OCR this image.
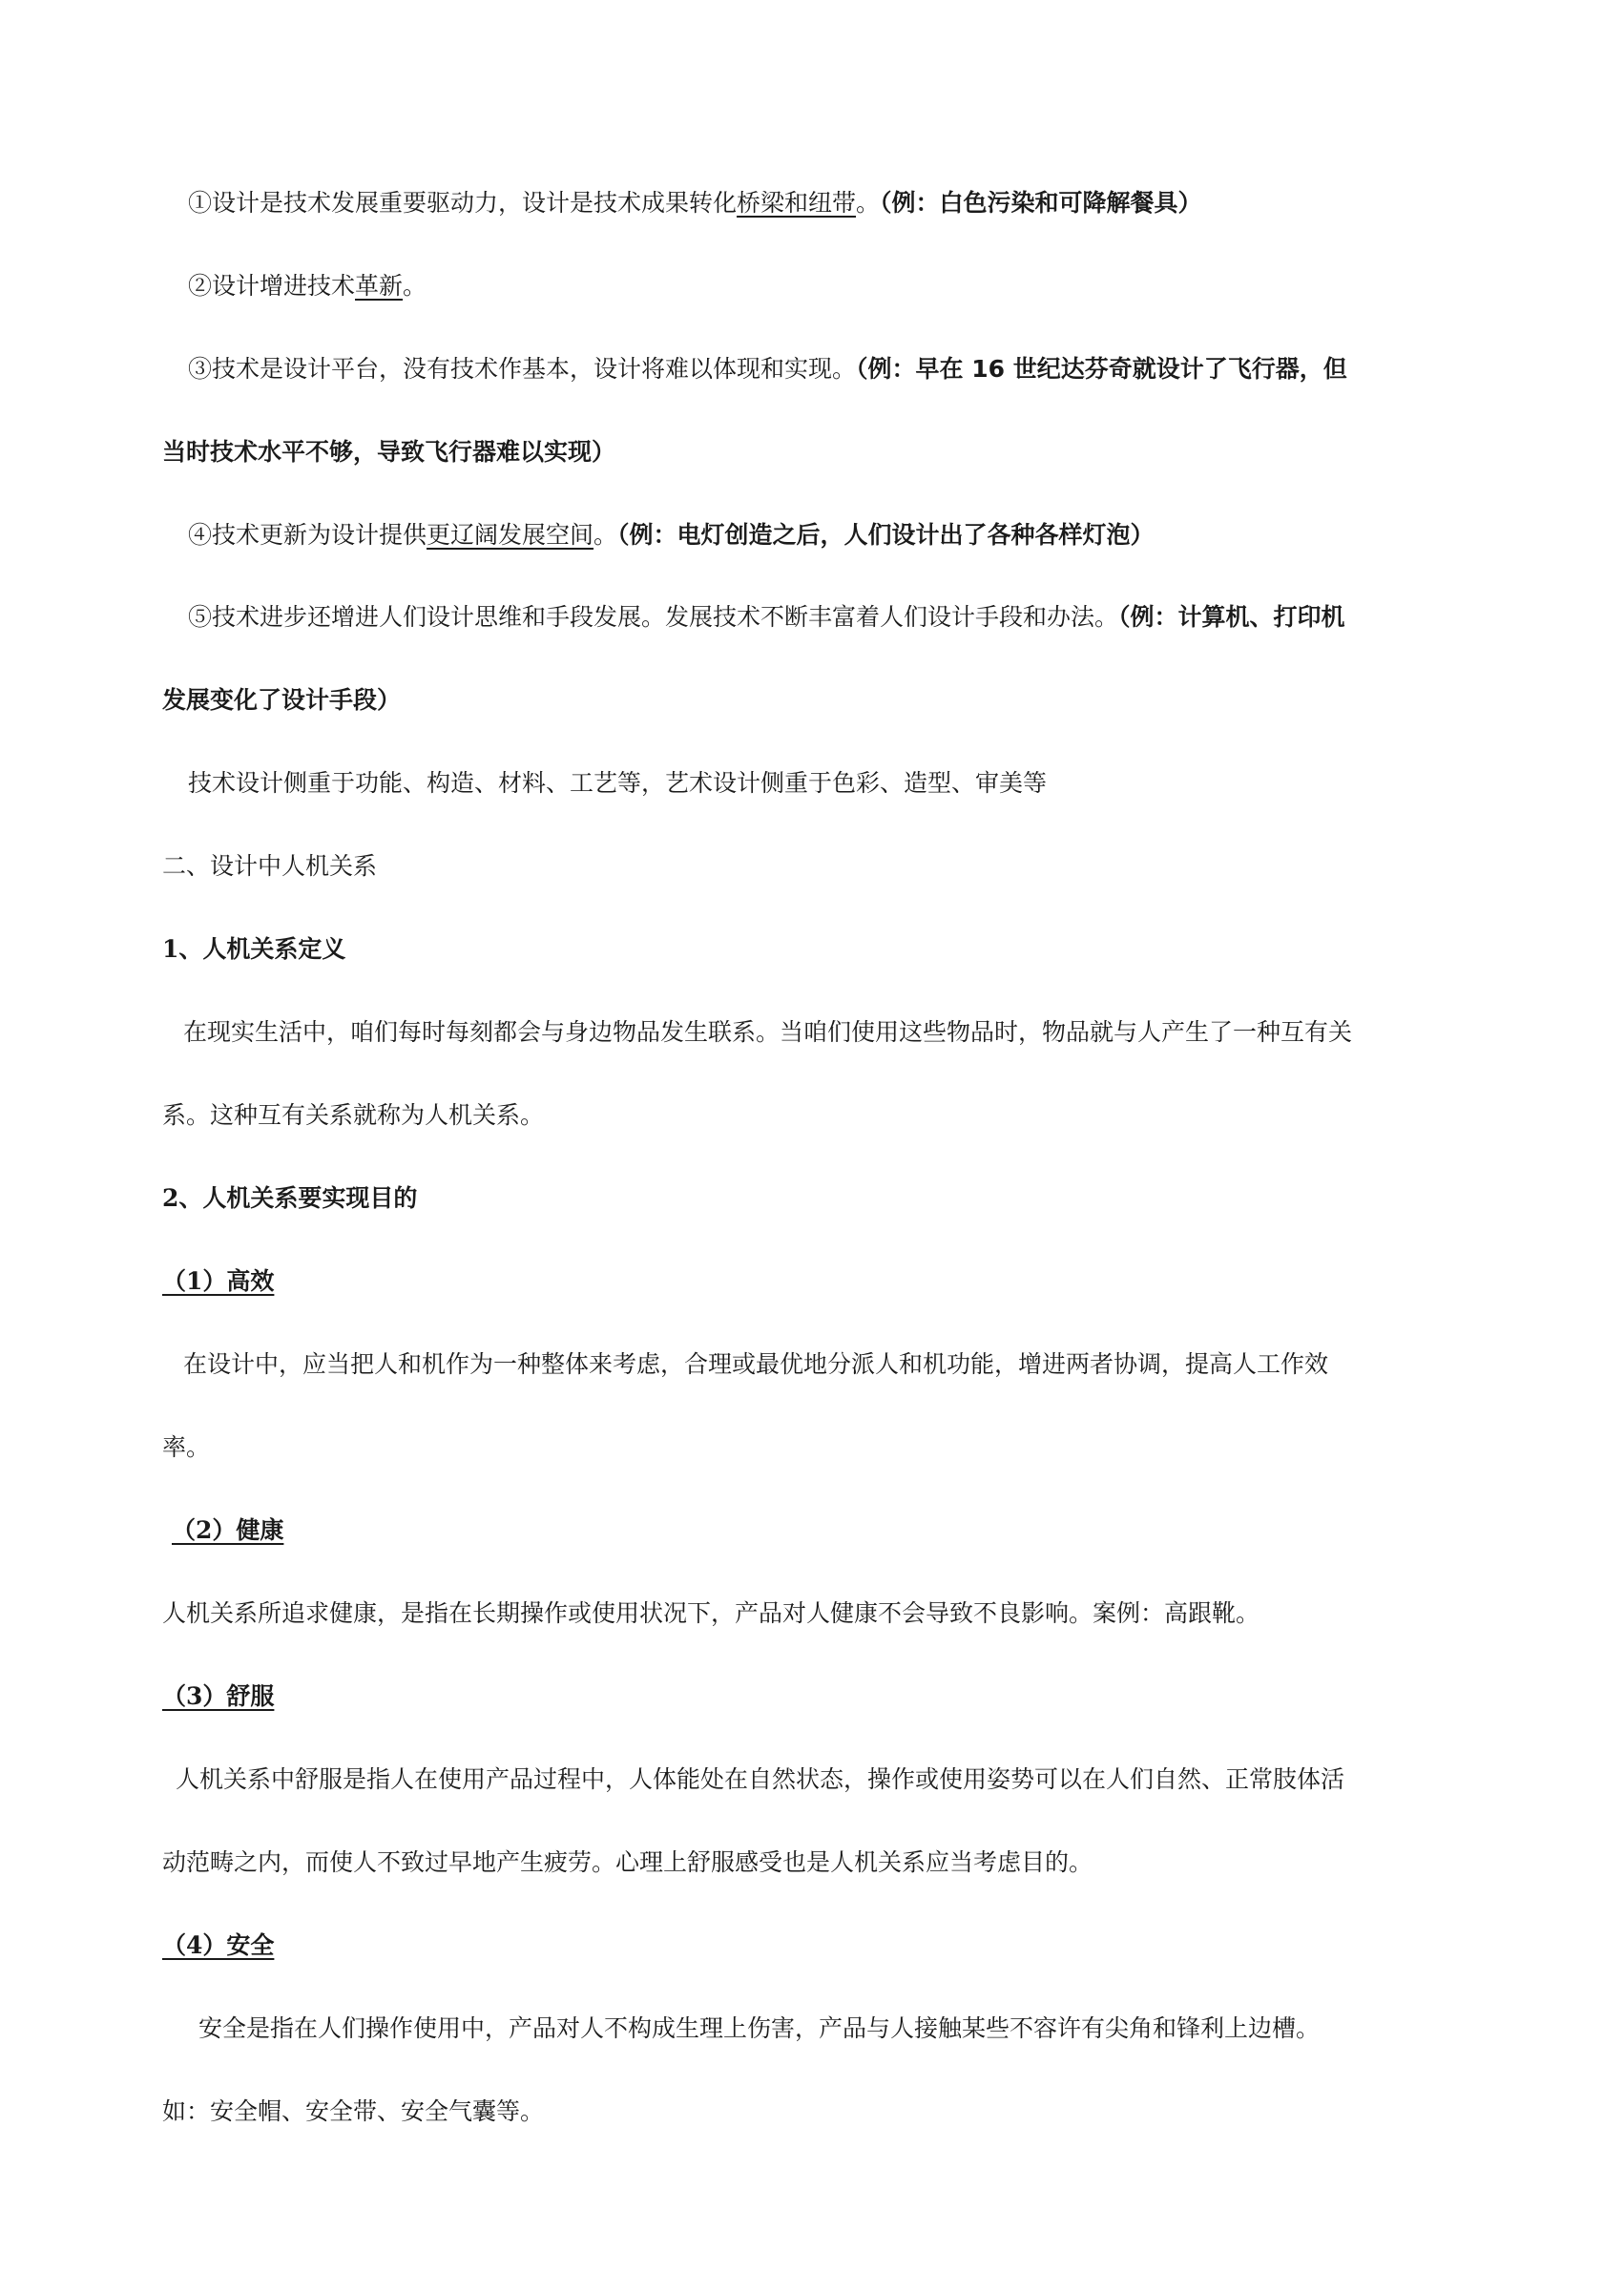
①设计是技术发展重要驱动力，设计是技术成果转化桥梁和纽带。（例：白色污染和可降解餐具）
②设计增进技术革新。
③技术是设计平台，没有技术作基本，设计将难以体现和实现。（例：早在 16 世纪达芬奇就设计了飞行器，但
当时技术水平不够，导致飞行器难以实现）
④技术更新为设计提供更辽阔发展空间。（例：电灯创造之后，人们设计出了各种各样灯泡）
⑤技术进步还增进人们设计思维和手段发展。发展技术不断丰富着人们设计手段和办法。（例：计算机、打印机
发展变化了设计手段）
技术设计侧重于功能、构造、材料、工艺等，艺术设计侧重于色彩、造型、审美等
二、设计中人机关系
1、人机关系定义
在现实生活中，咱们每时每刻都会与身边物品发生联系。当咱们使用这些物品时，物品就与人产生了一种互有关
系。这种互有关系就称为人机关系。
2、人机关系要实现目的
（1）高效
在设计中，应当把人和机作为一种整体来考虑，合理或最优地分派人和机功能，增进两者协调，提高人工作效
率。
（2）健康
人机关系所追求健康，是指在长期操作或使用状况下，产品对人健康不会导致不良影响。案例：高跟靴。
（3）舒服
人机关系中舒服是指人在使用产品过程中，人体能处在自然状态，操作或使用姿势可以在人们自然、正常肢体活
动范畴之内，而使人不致过早地产生疲劳。心理上舒服感受也是人机关系应当考虑目的。
（4）安全
安全是指在人们操作使用中，产品对人不构成生理上伤害，产品与人接触某些不容许有尖角和锋利上边槽。
如：安全帽、安全带、安全气囊等。
